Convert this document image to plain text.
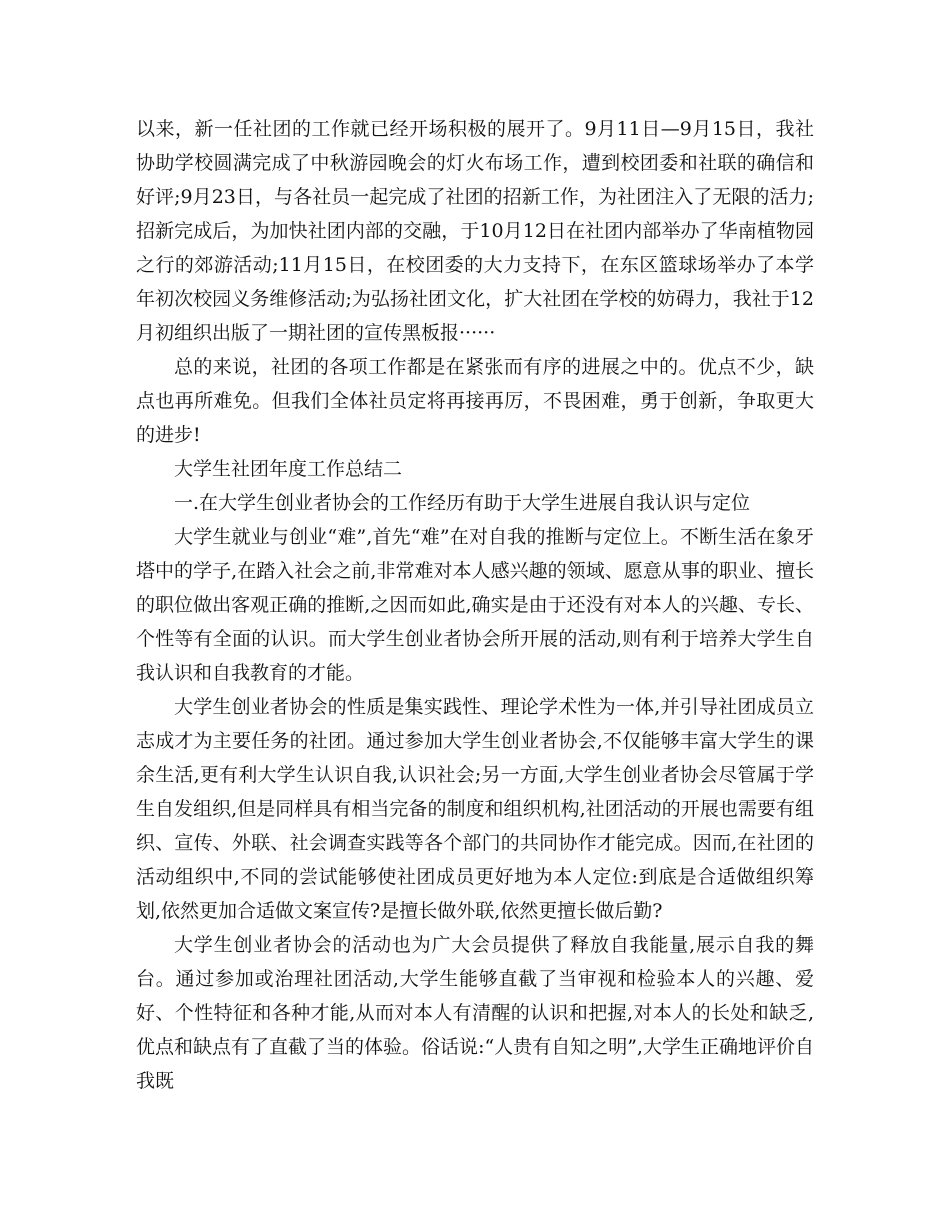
以来，新一任社团的工作就已经开场积极的展开了。9月11日—9月15日，我社协助学校圆满完成了中秋游园晚会的灯火布场工作，遭到校团委和社联的确信和好评;9月23日，与各社员一起完成了社团的招新工作，为社团注入了无限的活力;招新完成后，为加快社团内部的交融，于10月12日在社团内部举办了华南植物园之行的郊游活动;11月15日，在校团委的大力支持下，在东区篮球场举办了本学年初次校园义务维修活动;为弘扬社团文化，扩大社团在学校的妨碍力，我社于12月初组织出版了一期社团的宣传黑板报······

总的来说，社团的各项工作都是在紧张而有序的进展之中的。优点不少，缺点也再所难免。但我们全体社员定将再接再厉，不畏困难，勇于创新，争取更大的进步!

大学生社团年度工作总结二

一.在大学生创业者协会的工作经历有助于大学生进展自我认识与定位

大学生就业与创业“难”,首先“难”在对自我的推断与定位上。不断生活在象牙塔中的学子,在踏入社会之前,非常难对本人感兴趣的领域、愿意从事的职业、擅长的职位做出客观正确的推断,之因而如此,确实是由于还没有对本人的兴趣、专长、个性等有全面的认识。而大学生创业者协会所开展的活动,则有利于培养大学生自我认识和自我教育的才能。

大学生创业者协会的性质是集实践性、理论学术性为一体,并引导社团成员立志成才为主要任务的社团。通过参加大学生创业者协会,不仅能够丰富大学生的课余生活,更有利大学生认识自我,认识社会;另一方面,大学生创业者协会尽管属于学生自发组织,但是同样具有相当完备的制度和组织机构,社团活动的开展也需要有组织、宣传、外联、社会调查实践等各个部门的共同协作才能完成。因而,在社团的活动组织中,不同的尝试能够使社团成员更好地为本人定位:到底是合适做组织筹划,依然更加合适做文案宣传?是擅长做外联,依然更擅长做后勤?

大学生创业者协会的活动也为广大会员提供了释放自我能量,展示自我的舞台。通过参加或治理社团活动,大学生能够直截了当审视和检验本人的兴趣、爱好、个性特征和各种才能,从而对本人有清醒的认识和把握,对本人的长处和缺乏,优点和缺点有了直截了当的体验。俗话说:“人贵有自知之明”,大学生正确地评价自我既
